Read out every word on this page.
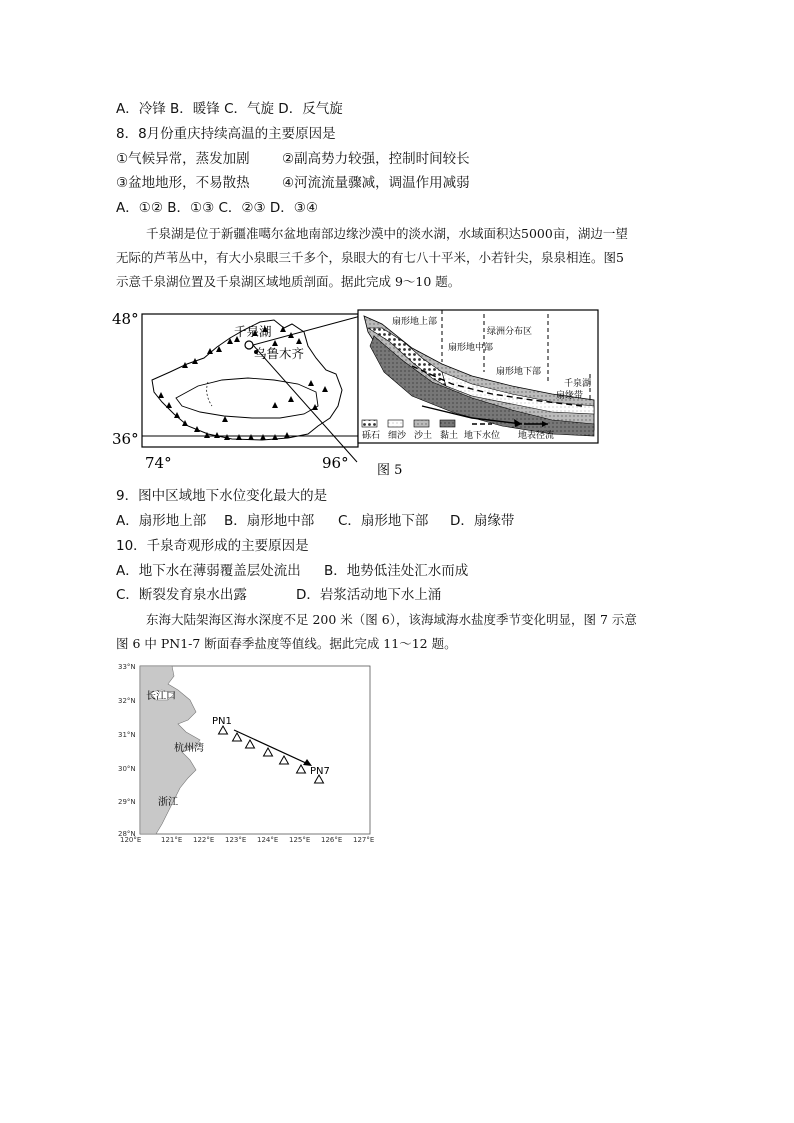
A．冷锋 B．暖锋 C．气旋 D．反气旋
8．8月份重庆持续高温的主要原因是
①气候异常，蒸发加剧 ②副高势力较强，控制时间较长
③盆地地形，不易散热 ④河流流量骤减，调温作用减弱
A．①② B．①③ C．②③ D．③④
千泉湖是位于新疆准噶尔盆地南部边缘沙漠中的淡水湖，水域面积达5000亩，湖边一望
无际的芦苇丛中，有大小泉眼三千多个，泉眼大的有七八十平米，小若针尖，泉泉相连。图5
示意千泉湖位置及千泉湖区域地质剖面。据此完成 9～10 题。
48°
36°
74°	96°
千泉湖
乌鲁木齐
扇形地上部
绿洲分布区
扇形地中部
扇形地下部
千泉湖
扇缘带
砾石 细沙 沙土 黏土 地下水位 地表径流
图 5
9．图中区域地下水位变化最大的是
A．扇形地上部 B．扇形地中部 C．扇形地下部 D．扇缘带
10．千泉奇观形成的主要原因是
A．地下水在薄弱覆盖层处流出 B．地势低洼处汇水而成
C．断裂发育泉水出露	D．岩浆活动地下水上涌
东海大陆架海区海水深度不足 200 米（图 6），该海域海水盐度季节变化明显，图 7 示意
图 6 中 PN1-7 断面春季盐度等值线。据此完成 11～12 题。
PN1
PN7
长江口
杭州湾
浙江
33°N
32°N
31°N
30°N
29°N
28°N
120°E	121°E 122°E 123°E 124°E 125°E 126°E 127°E
